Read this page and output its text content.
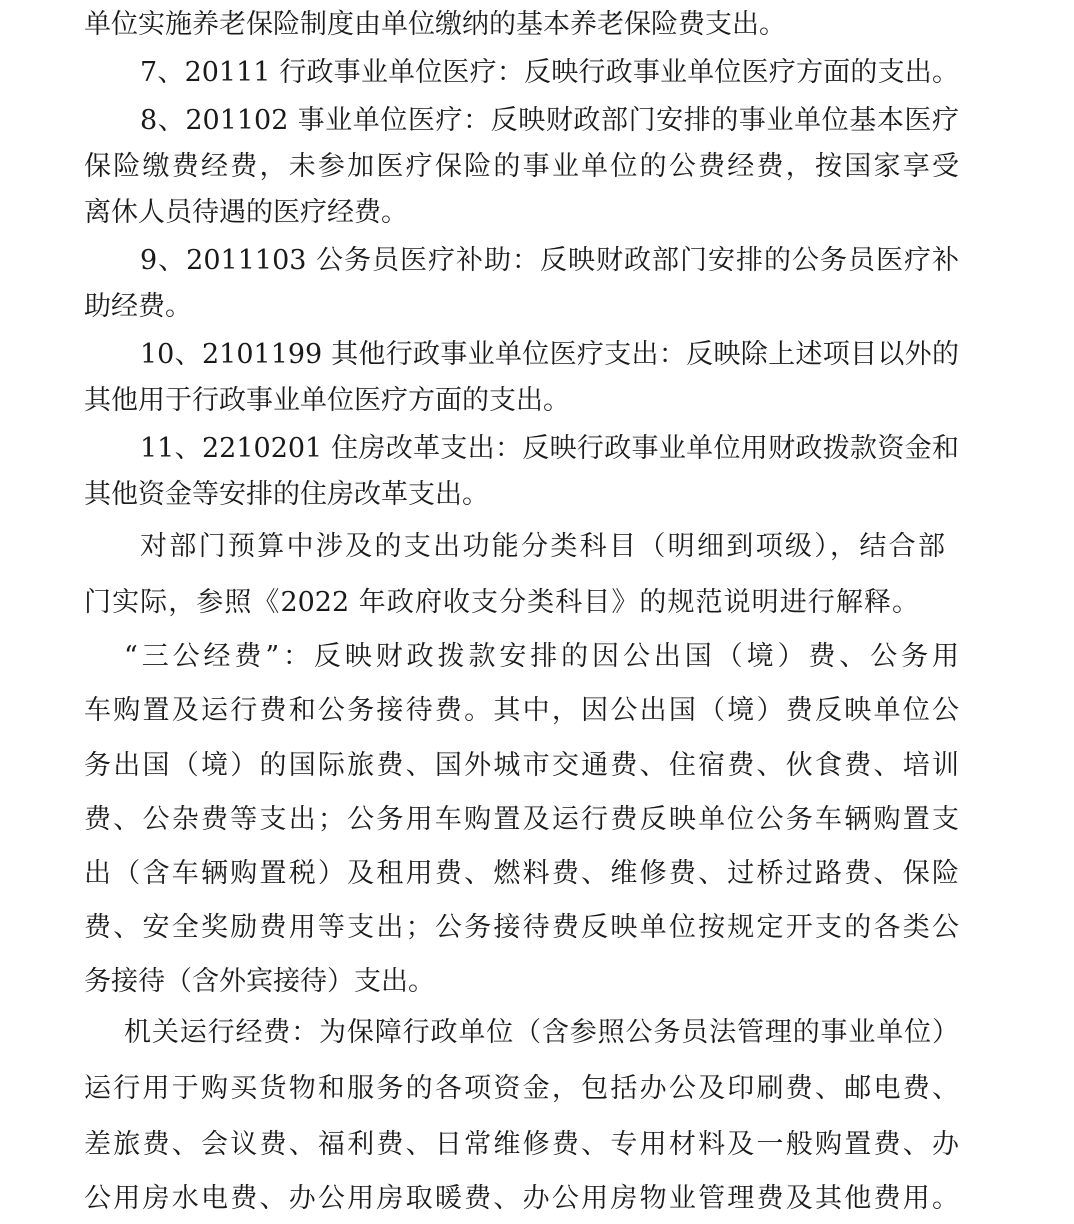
单位实施养老保险制度由单位缴纳的基本养老保险费支出。
7、20111 行政事业单位医疗：反映行政事业单位医疗方面的支出。
8、201102 事业单位医疗：反映财政部门安排的事业单位基本医疗
保险缴费经费，未参加医疗保险的事业单位的公费经费，按国家享受
离休人员待遇的医疗经费。
9、2011103 公务员医疗补助：反映财政部门安排的公务员医疗补
助经费。
10、2101199 其他行政事业单位医疗支出：反映除上述项目以外的
其他用于行政事业单位医疗方面的支出。
11、2210201 住房改革支出：反映行政事业单位用财政拨款资金和
其他资金等安排的住房改革支出。
对部门预算中涉及的支出功能分类科目（明细到项级），结合部
门实际，参照《2022 年政府收支分类科目》的规范说明进行解释。
“三公经费”：反映财政拨款安排的因公出国（境）费、公务用
车购置及运行费和公务接待费。其中，因公出国（境）费反映单位公
务出国（境）的国际旅费、国外城市交通费、住宿费、伙食费、培训
费、公杂费等支出；公务用车购置及运行费反映单位公务车辆购置支
出（含车辆购置税）及租用费、燃料费、维修费、过桥过路费、保险
费、安全奖励费用等支出；公务接待费反映单位按规定开支的各类公
务接待（含外宾接待）支出。
机关运行经费：为保障行政单位（含参照公务员法管理的事业单位）
运行用于购买货物和服务的各项资金，包括办公及印刷费、邮电费、
差旅费、会议费、福利费、日常维修费、专用材料及一般购置费、办
公用房水电费、办公用房取暖费、办公用房物业管理费及其他费用。
